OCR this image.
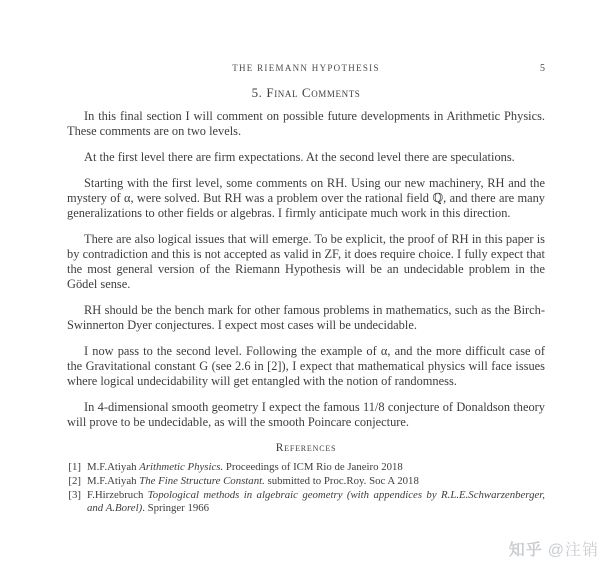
THE RIEMANN HYPOTHESIS	5
5. Final Comments

In this final section I will comment on possible future developments in Arithmetic Physics. These comments are on two levels.

At the first level there are firm expectations. At the second level there are speculations.

Starting with the first level, some comments on RH. Using our new machinery, RH and the mystery of α, were solved. But RH was a problem over the rational field ℚ, and there are many generalizations to other fields or algebras. I firmly anticipate much work in this direction.

There are also logical issues that will emerge. To be explicit, the proof of RH in this paper is by contradiction and this is not accepted as valid in ZF, it does require choice. I fully expect that the most general version of the Riemann Hypothesis will be an undecidable problem in the Gödel sense.

RH should be the bench mark for other famous problems in mathematics, such as the Birch-Swinnerton Dyer conjectures. I expect most cases will be undecidable.

I now pass to the second level. Following the example of α, and the more difficult case of the Gravitational constant G (see 2.6 in [2]), I expect that mathematical physics will face issues where logical undecidability will get entangled with the notion of randomness.

In 4-dimensional smooth geometry I expect the famous 11/8 conjecture of Donaldson theory will prove to be undecidable, as will the smooth Poincare conjecture.

References
[1] M.F.Atiyah Arithmetic Physics. Proceedings of ICM Rio de Janeiro 2018
[2] M.F.Atiyah The Fine Structure Constant. submitted to Proc.Roy. Soc A 2018
[3] F.Hirzebruch Topological methods in algebraic geometry (with appendices by R.L.E.Schwarzenberger, and A.Borel). Springer 1966
知乎 @注销
